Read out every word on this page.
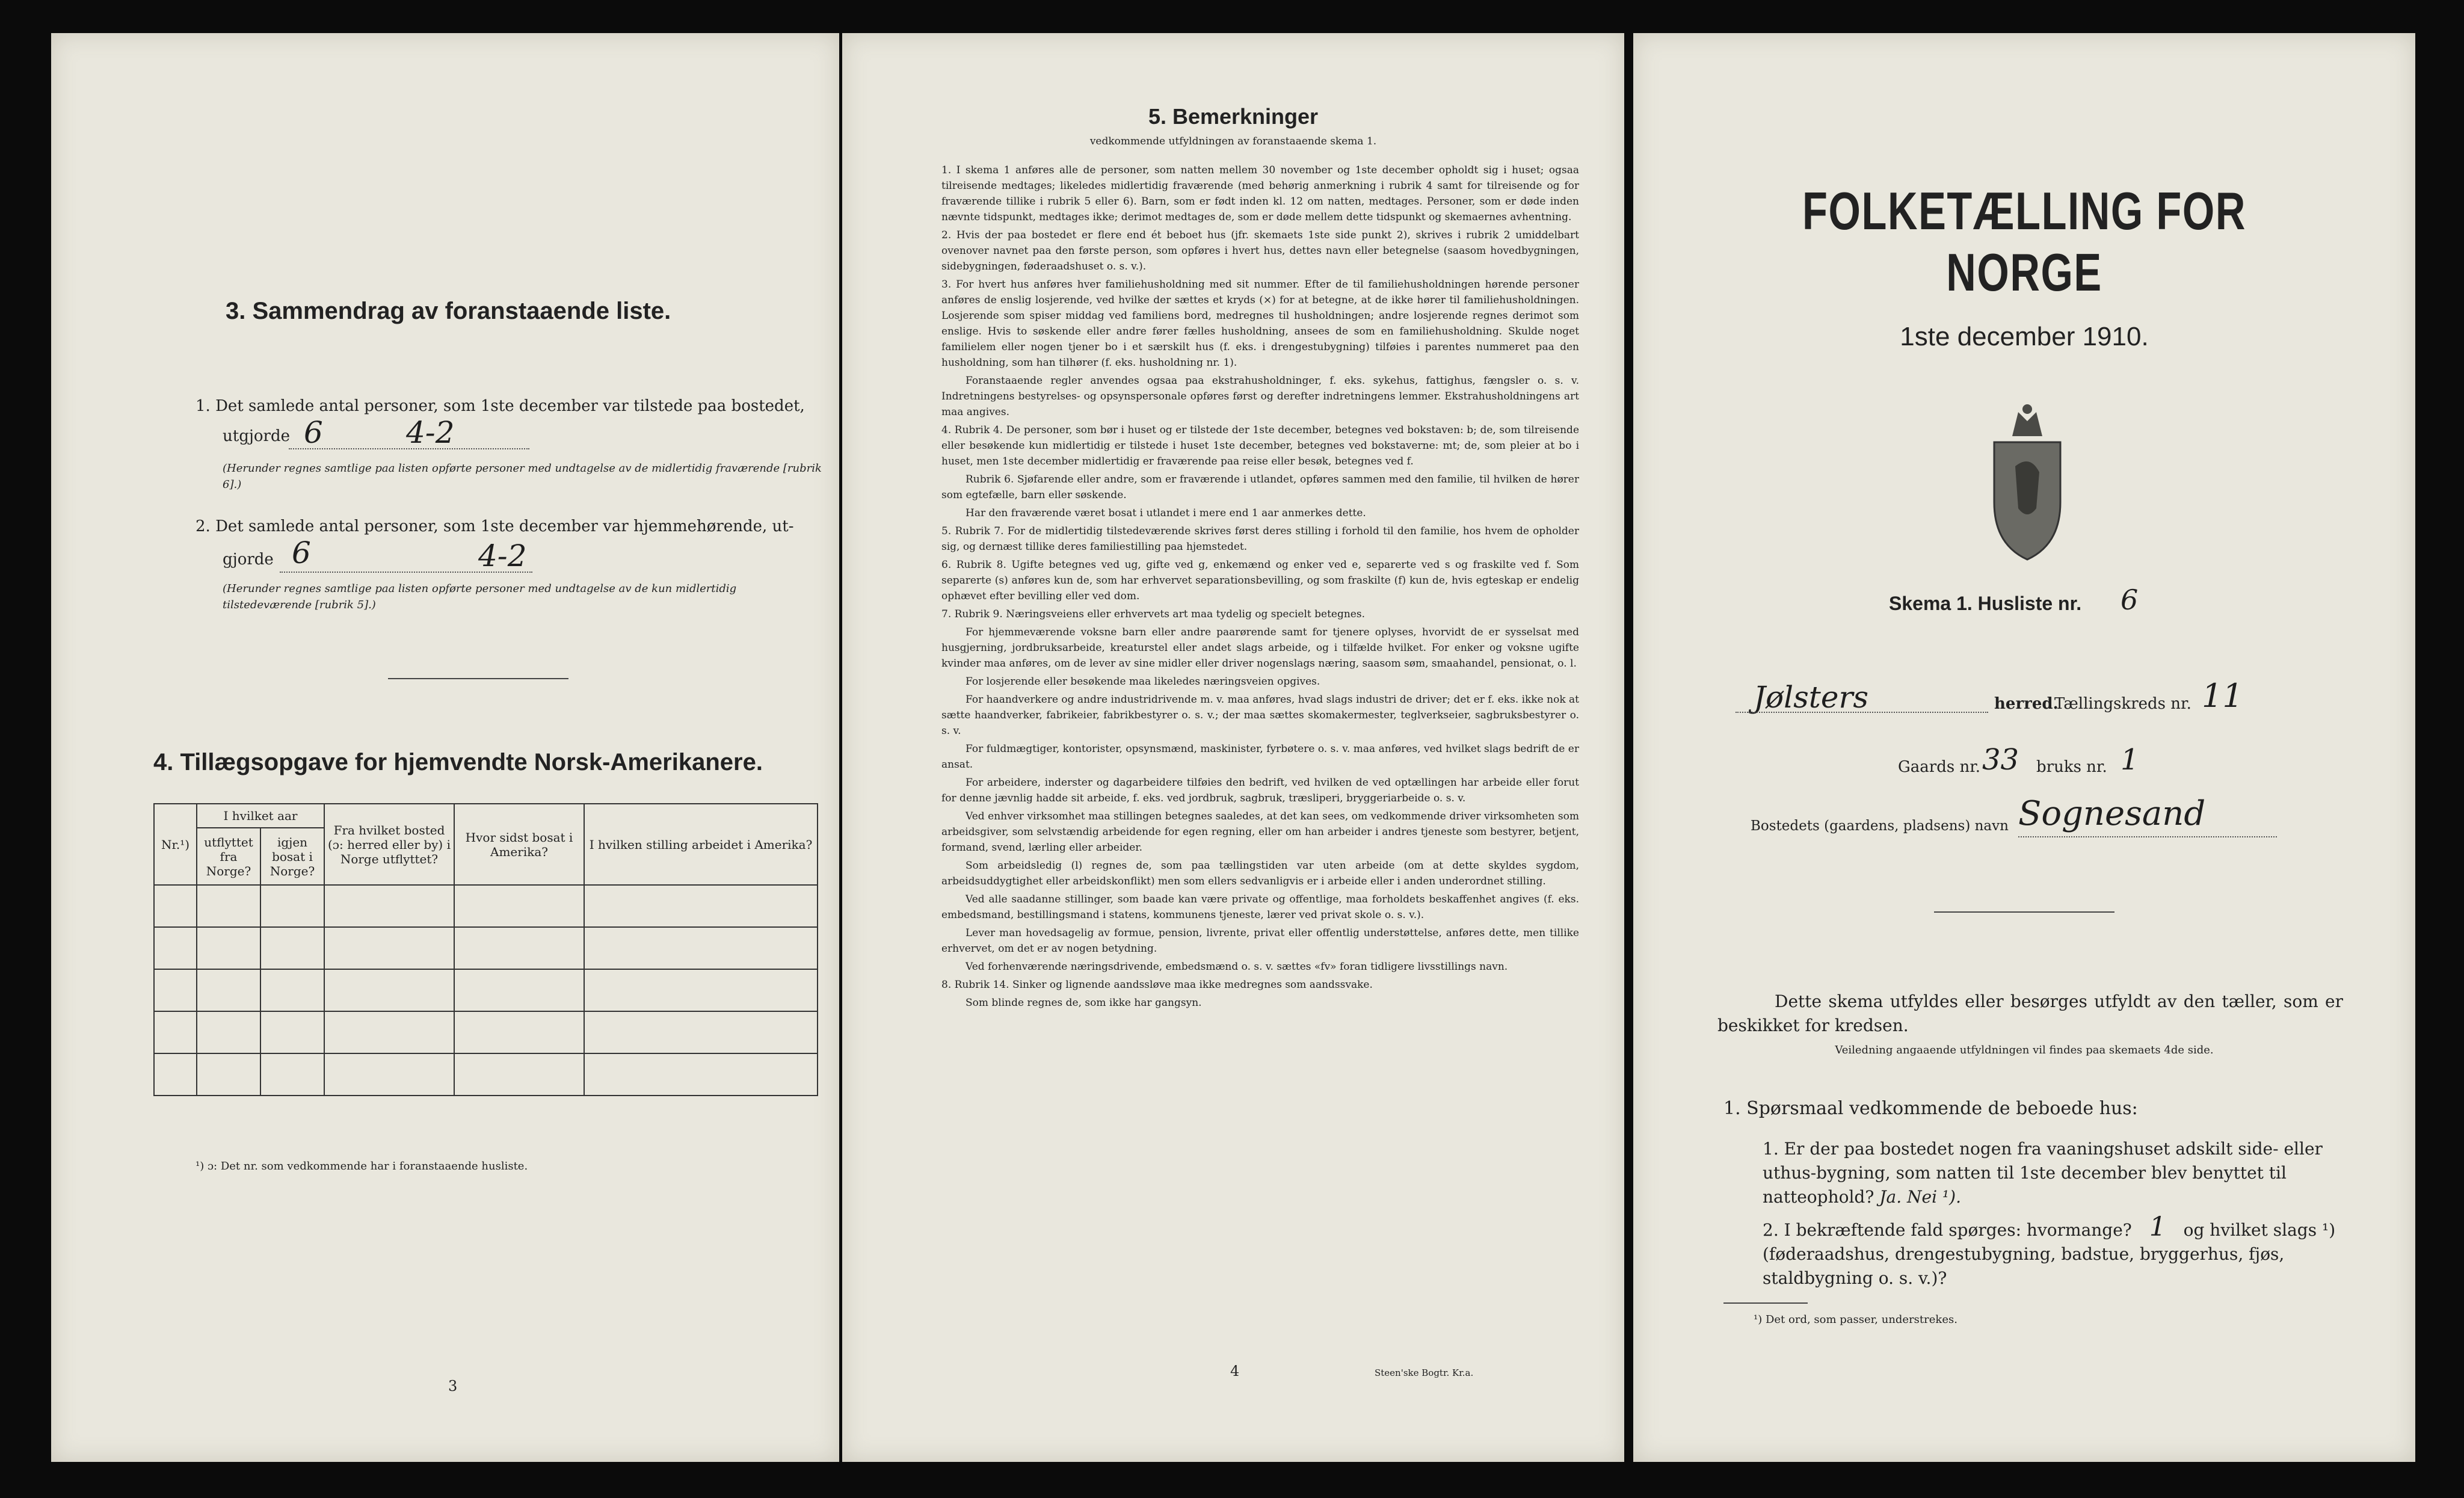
3. Sammendrag av foranstaaende liste.
1. Det samlede antal personer, som 1ste december var tilstede paa bostedet,
utgjorde 6	4-2
(Herunder regnes samtlige paa listen opførte personer med undtagelse av de midlertidig fraværende [rubrik 6].)
2. Det samlede antal personer, som 1ste december var hjemmehørende, ut-
gjorde 6	4-2
(Herunder regnes samtlige paa listen opførte personer med undtagelse av de kun midlertidig tilstedeværende [rubrik 5].)
4. Tillægsopgave for hjemvendte Norsk-Amerikanere.
Nr.¹)	I hvilket aar		Fra hvilket bosted (ɔ: herred eller by) i Norge utflyttet?	Hvor sidst bosat i Amerika?	I hvilken stilling arbeidet i Amerika?
	utflyttet fra Norge?	igjen bosat i Norge?			

¹) ɔ: Det nr. som vedkommende har i foranstaaende husliste.
3
5. Bemerkninger
vedkommende utfyldningen av foranstaaende skema 1.
1. I skema 1 anføres alle de personer, som natten mellem 30 november og 1ste december opholdt sig i huset; ogsaa tilreisende medtages; likeledes midlertidig fraværende (med behørig anmerkning i rubrik 4 samt for tilreisende og for fraværende tillike i rubrik 5 eller 6). Barn, som er født inden kl. 12 om natten, medtages. Personer, som er døde inden nævnte tidspunkt, medtages ikke; derimot medtages de, som er døde mellem dette tidspunkt og skemaernes avhentning.
2. Hvis der paa bostedet er flere end ét beboet hus (jfr. skemaets 1ste side punkt 2), skrives i rubrik 2 umiddelbart ovenover navnet paa den første person, som opføres i hvert hus, dettes navn eller betegnelse (saasom hovedbygningen, sidebygningen, føderaadshuset o. s. v.).
3. For hvert hus anføres hver familiehusholdning med sit nummer. Efter de til familiehusholdningen hørende personer anføres de enslig losjerende, ved hvilke der sættes et kryds (×) for at betegne, at de ikke hører til familiehusholdningen. Losjerende som spiser middag ved familiens bord, medregnes til husholdningen; andre losjerende regnes derimot som enslige. Hvis to søskende eller andre fører fælles husholdning, ansees de som en familiehusholdning. Skulde noget familielem eller nogen tjener bo i et særskilt hus (f. eks. i drengestubygning) tilføies i parentes nummeret paa den husholdning, som han tilhører (f. eks. husholdning nr. 1).
Foranstaaende regler anvendes ogsaa paa ekstrahusholdninger, f. eks. sykehus, fattighus, fængsler o. s. v. Indretningens bestyrelses- og opsynspersonale opføres først og derefter indretningens lemmer. Ekstrahusholdningens art maa angives.
4. Rubrik 4. De personer, som bør i huset og er tilstede der 1ste december, betegnes ved bokstaven: b; de, som tilreisende eller besøkende kun midlertidig er tilstede i huset 1ste december, betegnes ved bokstaverne: mt; de, som pleier at bo i huset, men 1ste december midlertidig er fraværende paa reise eller besøk, betegnes ved f.
Rubrik 6. Sjøfarende eller andre, som er fraværende i utlandet, opføres sammen med den familie, til hvilken de hører som egtefælle, barn eller søskende.
Har den fraværende været bosat i utlandet i mere end 1 aar anmerkes dette.
5. Rubrik 7. For de midlertidig tilstedeværende skrives først deres stilling i forhold til den familie, hos hvem de opholder sig, og dernæst tillike deres familiestilling paa hjemstedet.
6. Rubrik 8. Ugifte betegnes ved ug, gifte ved g, enkemænd og enker ved e, separerte ved s og fraskilte ved f. Som separerte (s) anføres kun de, som har erhvervet separationsbevilling, og som fraskilte (f) kun de, hvis egteskap er endelig ophævet efter bevilling eller ved dom.
7. Rubrik 9. Næringsveiens eller erhvervets art maa tydelig og specielt betegnes.
For hjemmeværende voksne barn eller andre paarørende samt for tjenere oplyses, hvorvidt de er sysselsat med husgjerning, jordbruksarbeide, kreaturstel eller andet slags arbeide, og i tilfælde hvilket. For enker og voksne ugifte kvinder maa anføres, om de lever av sine midler eller driver nogenslags næring, saasom søm, smaahandel, pensionat, o. l.
For losjerende eller besøkende maa likeledes næringsveien opgives.
For haandverkere og andre industridrivende m. v. maa anføres, hvad slags industri de driver; det er f. eks. ikke nok at sætte haandverker, fabrikeier, fabrikbestyrer o. s. v.; der maa sættes skomakermester, teglverkseier, sagbruksbestyrer o. s. v.
For fuldmægtiger, kontorister, opsynsmænd, maskinister, fyrbøtere o. s. v. maa anføres, ved hvilket slags bedrift de er ansat.
For arbeidere, inderster og dagarbeidere tilføies den bedrift, ved hvilken de ved optællingen har arbeide eller forut for denne jævnlig hadde sit arbeide, f. eks. ved jordbruk, sagbruk, træsliperi, bryggeriarbeide o. s. v.
Ved enhver virksomhet maa stillingen betegnes saaledes, at det kan sees, om vedkommende driver virksomheten som arbeidsgiver, som selvstændig arbeidende for egen regning, eller om han arbeider i andres tjeneste som bestyrer, betjent, formand, svend, lærling eller arbeider.
Som arbeidsledig (l) regnes de, som paa tællingstiden var uten arbeide (om at dette skyldes sygdom, arbeidsuddygtighet eller arbeidskonflikt) men som ellers sedvanligvis er i arbeide eller i anden underordnet stilling.
Ved alle saadanne stillinger, som baade kan være private og offentlige, maa forholdets beskaffenhet angives (f. eks. embedsmand, bestillingsmand i statens, kommunens tjeneste, lærer ved privat skole o. s. v.).
Lever man hovedsagelig av formue, pension, livrente, privat eller offentlig understøttelse, anføres dette, men tillike erhvervet, om det er av nogen betydning.
Ved forhenværende næringsdrivende, embedsmænd o. s. v. sættes «fv» foran tidligere livsstillings navn.
8. Rubrik 14. Sinker og lignende aandssløve maa ikke medregnes som aandssvake.
Som blinde regnes de, som ikke har gangsyn.
4	Steen'ske Bogtr. Kr.a.
FOLKETÆLLING FOR NORGE
1ste december 1910.
Skema 1. Husliste nr. 6
Jølsters	herred.
Tællingskreds nr. 11
Gaards nr. 33 bruks nr. 1
Bostedets (gaardens, pladsens) navn Sognesand
Dette skema utfyldes eller besørges utfyldt av den tæller, som er beskikket for kredsen.
Veiledning angaaende utfyldningen vil findes paa skemaets 4de side.
1. Spørsmaal vedkommende de beboede hus:
1. Er der paa bostedet nogen fra vaaningshuset adskilt side- eller uthus-bygning, som natten til 1ste december blev benyttet til natteophold? Ja. Nei ¹).
2. I bekræftende fald spørges: hvormange? 1 og hvilket slags ¹) (føderaadshus, drengestubygning, badstue, bryggerhus, fjøs, staldbygning o. s. v.)?
¹) Det ord, som passer, understrekes.
